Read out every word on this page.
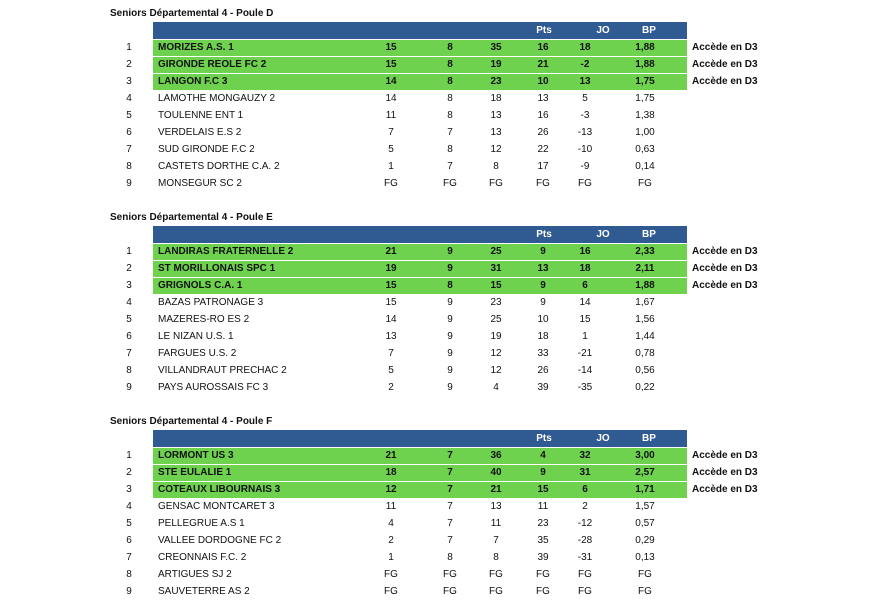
Seniors Départemental 4 - Poule D
Pts	JO	BP	BC	Dif	Quotient
1	MORIZES A.S. 1	15	8	35	16	18	1,88	Accède en D3
2	GIRONDE REOLE FC 2	15	8	19	21	-2	1,88	Accède en D3
3	LANGON F.C 3	14	8	23	10	13	1,75	Accède en D3
4	LAMOTHE MONGAUZY 2	14	8	18	13	5	1,75
5	TOULENNE ENT 1	11	8	13	16	-3	1,38
6	VERDELAIS E.S 2	7	7	13	26	-13	1,00
7	SUD GIRONDE F.C 2	5	8	12	22	-10	0,63
8	CASTETS DORTHE C.A. 2	1	7	8	17	-9	0,14
9	MONSEGUR SC 2	FG	FG	FG	FG	FG	FG
Seniors Départemental 4 - Poule E
Pts	JO	BP	BC	Dif	Quotient
1	LANDIRAS FRATERNELLE 2	21	9	25	9	16	2,33	Accède en D3
2	ST MORILLONAIS SPC 1	19	9	31	13	18	2,11	Accède en D3
3	GRIGNOLS C.A. 1	15	8	15	9	6	1,88	Accède en D3
4	BAZAS PATRONAGE 3	15	9	23	9	14	1,67
5	MAZERES-RO ES 2	14	9	25	10	15	1,56
6	LE NIZAN U.S. 1	13	9	19	18	1	1,44
7	FARGUES U.S. 2	7	9	12	33	-21	0,78
8	VILLANDRAUT PRECHAC 2	5	9	12	26	-14	0,56
9	PAYS AUROSSAIS FC 3	2	9	4	39	-35	0,22
Seniors Départemental 4 - Poule F
Pts	JO	BP	BC	Dif	Quotient
1	LORMONT US 3	21	7	36	4	32	3,00	Accède en D3
2	STE EULALIE 1	18	7	40	9	31	2,57	Accède en D3
3	COTEAUX LIBOURNAIS 3	12	7	21	15	6	1,71	Accède en D3
4	GENSAC MONTCARET 3	11	7	13	11	2	1,57
5	PELLEGRUE A.S 1	4	7	11	23	-12	0,57
6	VALLEE DORDOGNE FC 2	2	7	7	35	-28	0,29
7	CREONNAIS F.C. 2	1	8	8	39	-31	0,13
8	ARTIGUES SJ 2	FG	FG	FG	FG	FG	FG
9	SAUVETERRE AS 2	FG	FG	FG	FG	FG	FG
